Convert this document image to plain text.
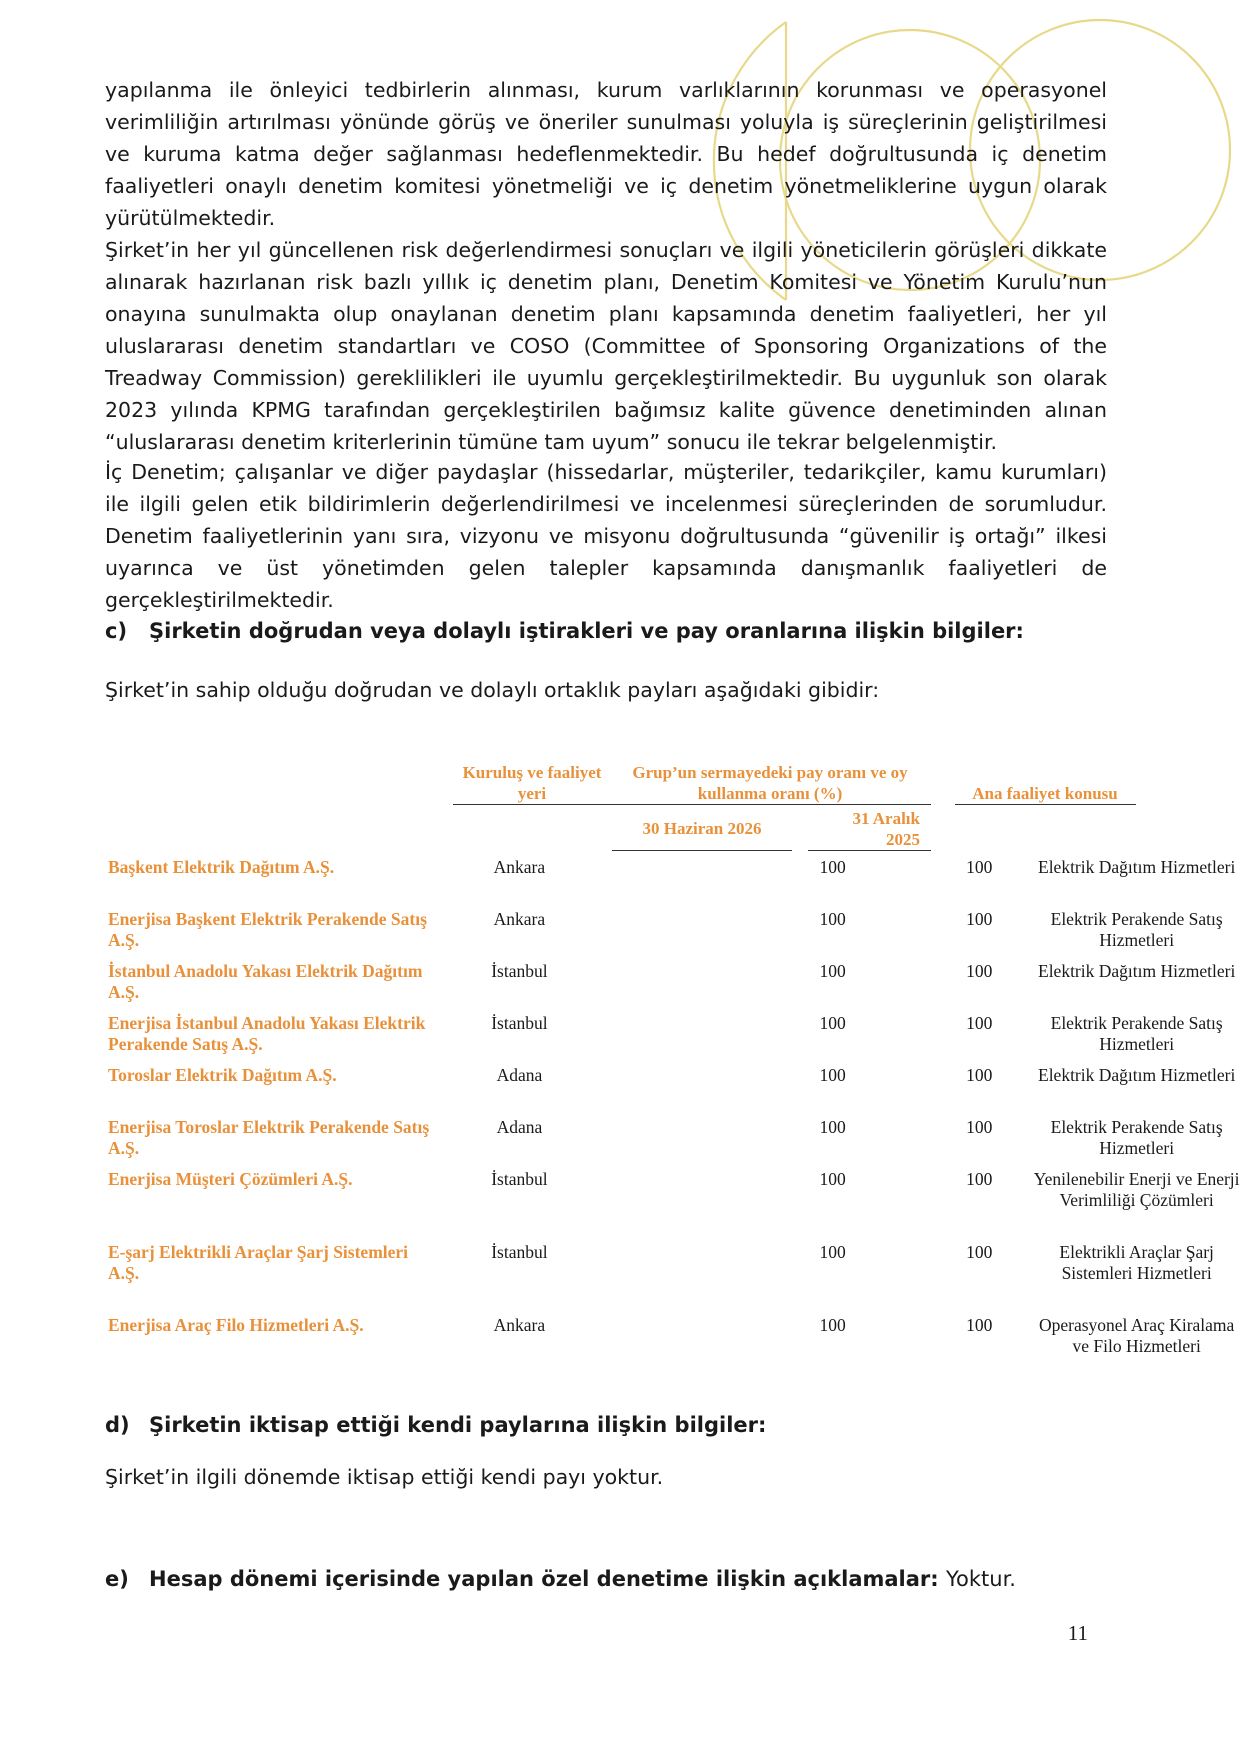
yapılanma ile önleyici tedbirlerin alınması, kurum varlıklarının korunması ve operasyonel verimliliğin artırılması yönünde görüş ve öneriler sunulması yoluyla iş süreçlerinin geliştirilmesi ve kuruma katma değer sağlanması hedeflenmektedir. Bu hedef doğrultusunda iç denetim faaliyetleri onaylı denetim komitesi yönetmeliği ve iç denetim yönetmeliklerine uygun olarak yürütülmektedir.

Şirket’in her yıl güncellenen risk değerlendirmesi sonuçları ve ilgili yöneticilerin görüşleri dikkate alınarak hazırlanan risk bazlı yıllık iç denetim planı, Denetim Komitesi ve Yönetim Kurulu’nun onayına sunulmakta olup onaylanan denetim planı kapsamında denetim faaliyetleri, her yıl uluslararası denetim standartları ve COSO (Committee of Sponsoring Organizations of the Treadway Commission) gereklilikleri ile uyumlu gerçekleştirilmektedir. Bu uygunluk son olarak 2023 yılında KPMG tarafından gerçekleştirilen bağımsız kalite güvence denetiminden alınan “uluslararası denetim kriterlerinin tümüne tam uyum” sonucu ile tekrar belgelenmiştir.

İç Denetim; çalışanlar ve diğer paydaşlar (hissedarlar, müşteriler, tedarikçiler, kamu kurumları) ile ilgili gelen etik bildirimlerin değerlendirilmesi ve incelenmesi süreçlerinden de sorumludur. Denetim faaliyetlerinin yanı sıra, vizyonu ve misyonu doğrultusunda “güvenilir iş ortağı” ilkesi uyarınca ve üst yönetimden gelen talepler kapsamında danışmanlık faaliyetleri de gerçekleştirilmektedir.

c) Şirketin doğrudan veya dolaylı iştirakleri ve pay oranlarına ilişkin bilgiler:

Şirket’in sahip olduğu doğrudan ve dolaylı ortaklık payları aşağıdaki gibidir:

Kuruluş ve faaliyet yeri
Grup’un sermayedeki pay oranı ve oy kullanma oranı (%)	Ana faaliyet konusu
30 Haziran 2026
31 Aralık 2025
Başkent Elektrik Dağıtım A.Ş.	Ankara	100	100	Elektrik Dağıtım Hizmetleri
Enerjisa Başkent Elektrik Perakende Satış A.Ş.	Ankara	100	100	Elektrik Perakende Satış Hizmetleri
İstanbul Anadolu Yakası Elektrik Dağıtım A.Ş.	İstanbul	100	100	Elektrik Dağıtım Hizmetleri
Enerjisa İstanbul Anadolu Yakası Elektrik Perakende Satış A.Ş.	İstanbul	100	100	Elektrik Perakende Satış Hizmetleri
Toroslar Elektrik Dağıtım A.Ş.	Adana	100	100	Elektrik Dağıtım Hizmetleri
Enerjisa Toroslar Elektrik Perakende Satış A.Ş.	Adana	100	100	Elektrik Perakende Satış Hizmetleri
Enerjisa Müşteri Çözümleri A.Ş.	İstanbul	100	100	Yenilenebilir Enerji ve Enerji Verimliliği Çözümleri
E-şarj Elektrikli Araçlar Şarj Sistemleri A.Ş.	İstanbul	100	100	Elektrikli Araçlar Şarj Sistemleri Hizmetleri
Enerjisa Araç Filo Hizmetleri A.Ş.	Ankara	100	100	Operasyonel Araç Kiralama ve Filo Hizmetleri

d) Şirketin iktisap ettiği kendi paylarına ilişkin bilgiler:

Şirket’in ilgili dönemde iktisap ettiği kendi payı yoktur.

e) Hesap dönemi içerisinde yapılan özel denetime ilişkin açıklamalar: Yoktur.

11
